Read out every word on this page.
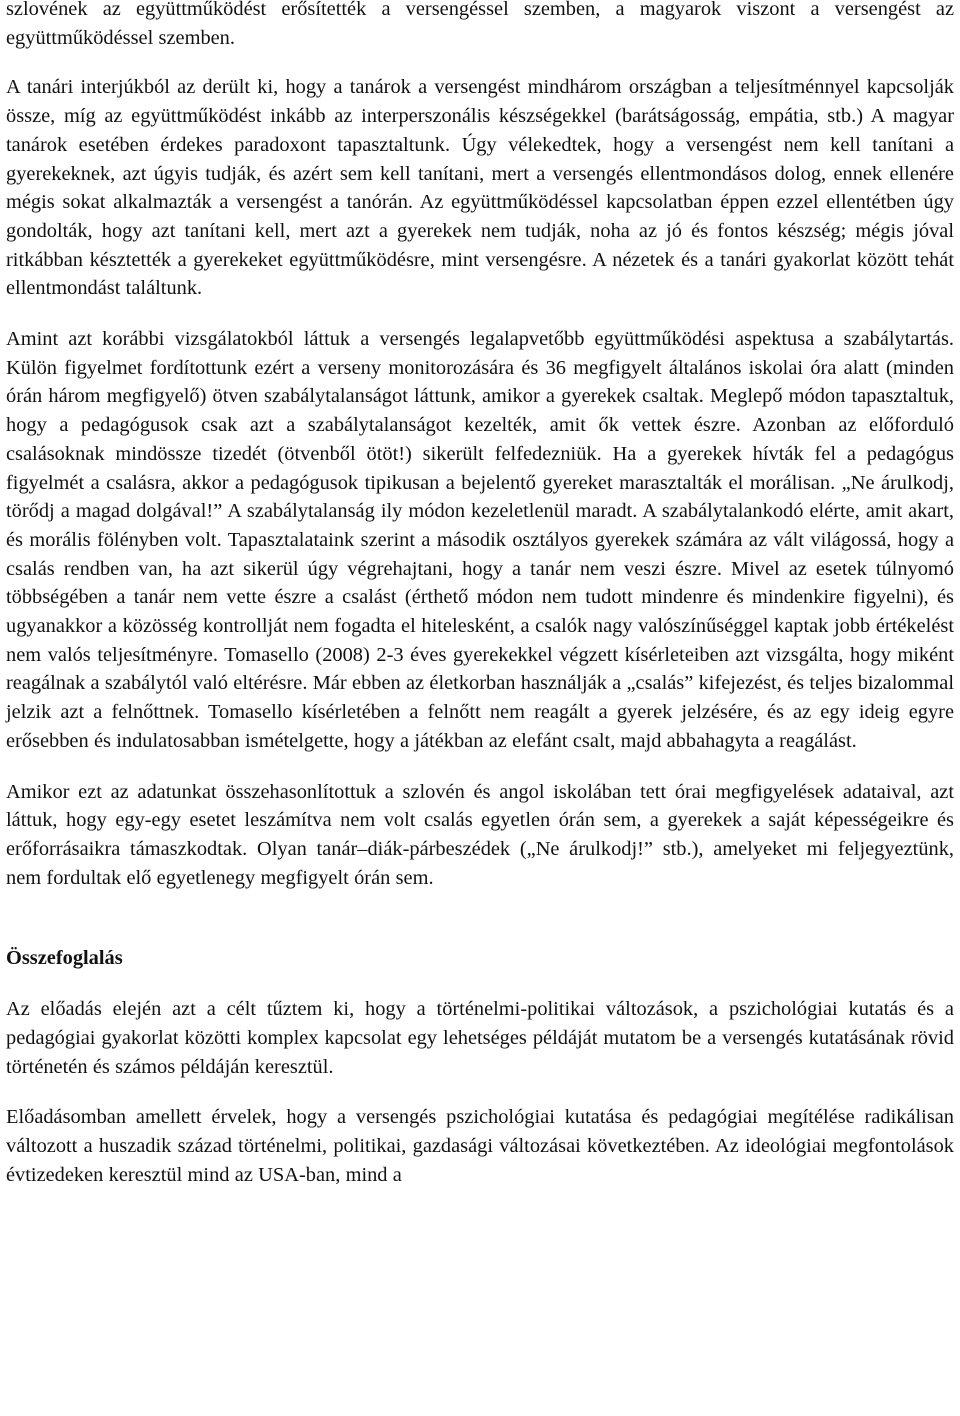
szlovének az együttműködést erősítették a versengéssel szemben, a magyarok viszont a versengést az együttműködéssel szemben.

A tanári interjúkból az derült ki, hogy a tanárok a versengést mindhárom országban a teljesítménnyel kapcsolják össze, míg az együttműködést inkább az interperszonális készségekkel (barátságosság, empátia, stb.) A magyar tanárok esetében érdekes paradoxont tapasztaltunk. Úgy vélekedtek, hogy a versengést nem kell tanítani a gyerekeknek, azt úgyis tudják, és azért sem kell tanítani, mert a versengés ellentmondásos dolog, ennek ellenére mégis sokat alkalmazták a versengést a tanórán. Az együttműködéssel kapcsolatban éppen ezzel ellentétben úgy gondolták, hogy azt tanítani kell, mert azt a gyerekek nem tudják, noha az jó és fontos készség; mégis jóval ritkábban késztették a gyerekeket együttműködésre, mint versengésre. A nézetek és a tanári gyakorlat között tehát ellentmondást találtunk.

Amint azt korábbi vizsgálatokból láttuk a versengés legalapvetőbb együttműködési aspektusa a szabálytartás. Külön figyelmet fordítottunk ezért a verseny monitorozására és 36 megfigyelt általános iskolai óra alatt (minden órán három megfigyelő) ötven szabálytalanságot láttunk, amikor a gyerekek csaltak. Meglepő módon tapasztaltuk, hogy a pedagógusok csak azt a szabálytalanságot kezelték, amit ők vettek észre. Azonban az előforduló csalásoknak mindössze tizedét (ötvenből ötöt!) sikerült felfedezniük. Ha a gyerekek hívták fel a pedagógus figyelmét a csalásra, akkor a pedagógusok tipikusan a bejelentő gyereket marasztalták el morálisan. „Ne árulkodj, törődj a magad dolgával!” A szabálytalanság ily módon kezeletlenül maradt. A szabálytalankodó elérte, amit akart, és morális fölényben volt. Tapasztalataink szerint a második osztályos gyerekek számára az vált világossá, hogy a csalás rendben van, ha azt sikerül úgy végrehajtani, hogy a tanár nem veszi észre. Mivel az esetek túlnyomó többségében a tanár nem vette észre a csalást (érthető módon nem tudott mindenre és mindenkire figyelni), és ugyanakkor a közösség kontrollját nem fogadta el hitelesként, a csalók nagy valószínűséggel kaptak jobb értékelést nem valós teljesítményre. Tomasello (2008) 2-3 éves gyerekekkel végzett kísérleteiben azt vizsgálta, hogy miként reagálnak a szabálytól való eltérésre. Már ebben az életkorban használják a „csalás” kifejezést, és teljes bizalommal jelzik azt a felnőttnek. Tomasello kísérletében a felnőtt nem reagált a gyerek jelzésére, és az egy ideig egyre erősebben és indulatosabban ismételgette, hogy a játékban az elefánt csalt, majd abbahagyta a reagálást.

Amikor ezt az adatunkat összehasonlítottuk a szlovén és angol iskolában tett órai megfigyelések adataival, azt láttuk, hogy egy-egy esetet leszámítva nem volt csalás egyetlen órán sem, a gyerekek a saját képességeikre és erőforrásaikra támaszkodtak. Olyan tanár–diák-párbeszédek („Ne árulkodj!” stb.), amelyeket mi feljegyeztünk, nem fordultak elő egyetlenegy megfigyelt órán sem.

Összefoglalás

Az előadás elején azt a célt tűztem ki, hogy a történelmi-politikai változások, a pszichológiai kutatás és a pedagógiai gyakorlat közötti komplex kapcsolat egy lehetséges példáját mutatom be a versengés kutatásának rövid történetén és számos példáján keresztül.

Előadásomban amellett érvelek, hogy a versengés pszichológiai kutatása és pedagógiai megítélése radikálisan változott a huszadik század történelmi, politikai, gazdasági változásai következtében. Az ideológiai megfontolások évtizedeken keresztül mind az USA-ban, mind a
